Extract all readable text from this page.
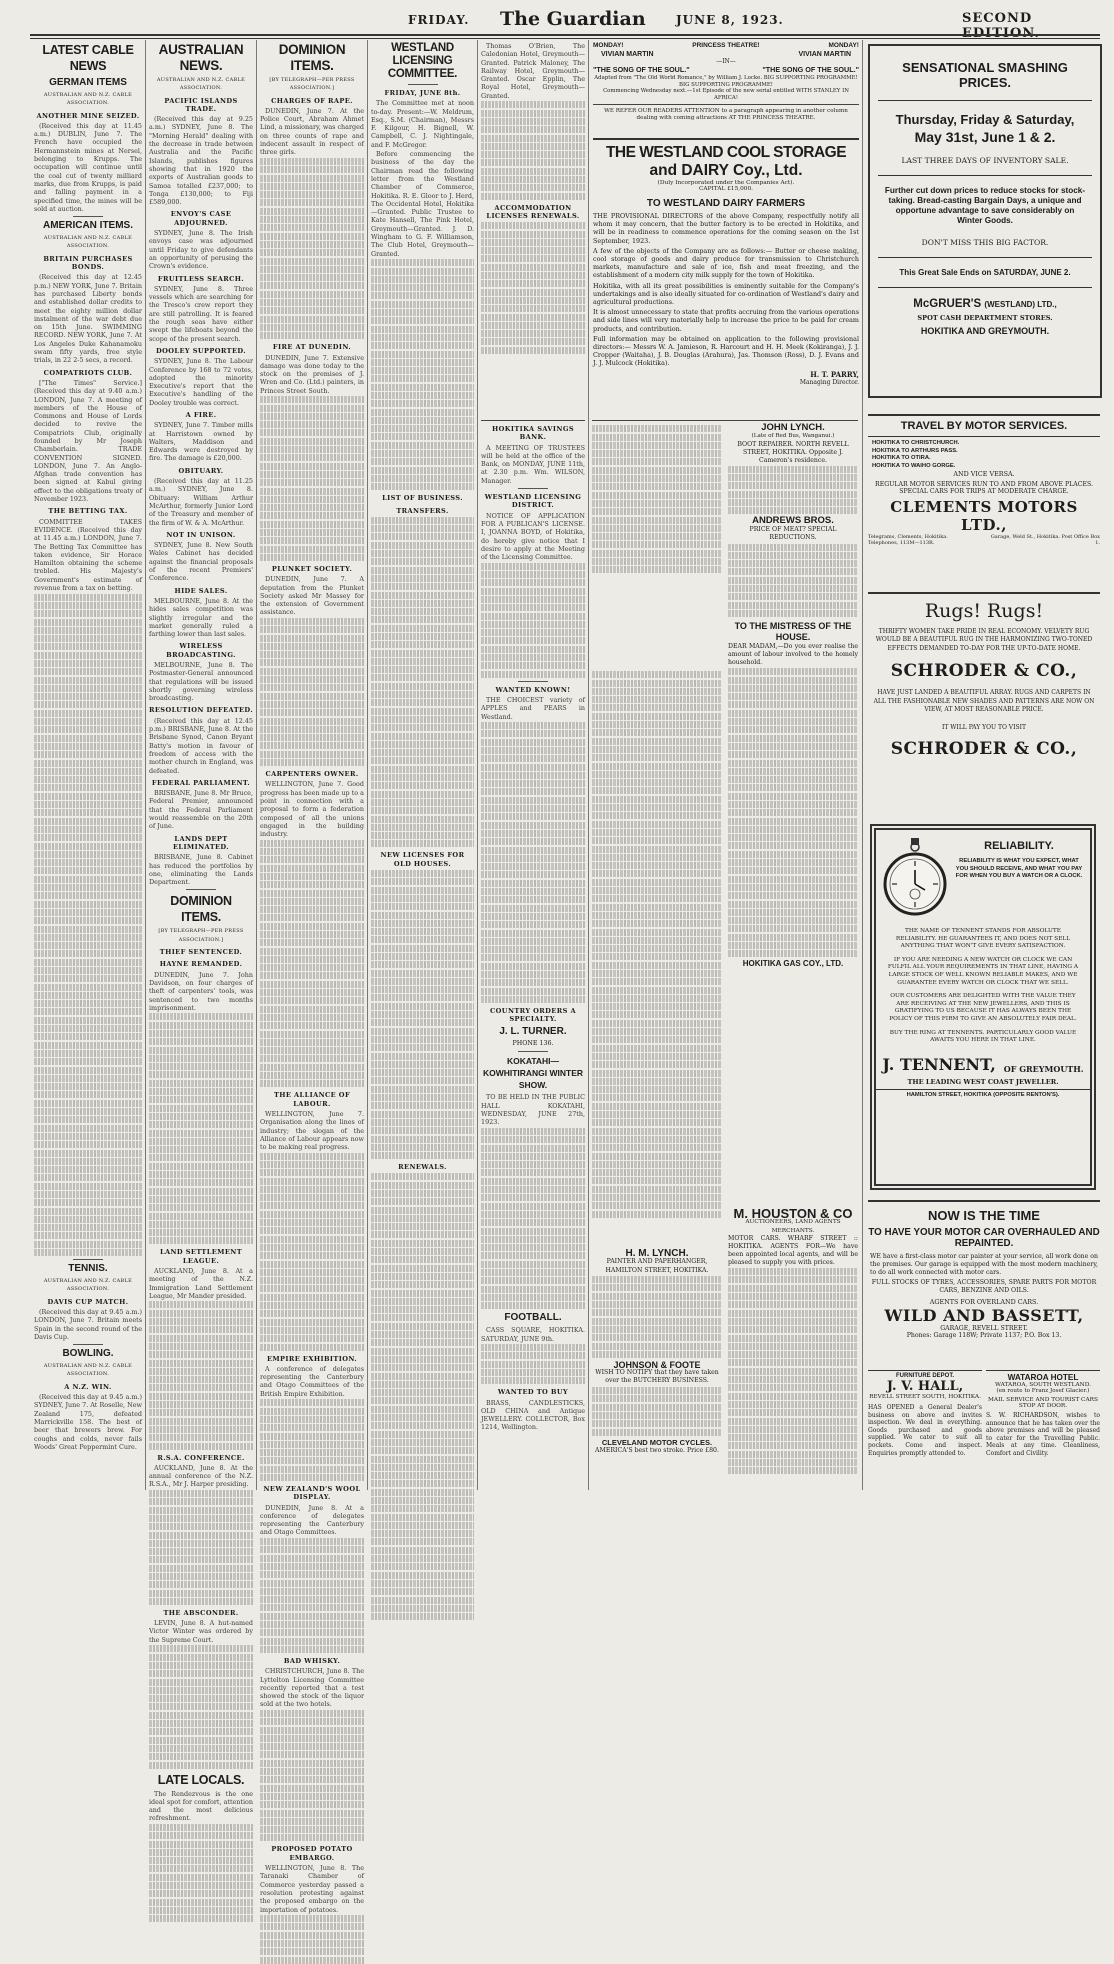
FRIDAY. The Guardian	JUNE 8, 1923.	SECOND EDITION.
LATEST CABLE NEWS
GERMAN ITEMS
AUSTRALIAN AND N.Z. CABLE ASSOCIATION.
ANOTHER MINE SEIZED.

(Received this day at 11.45 a.m.) DUBLIN, June 7. The French have occupied the Hermannstein mines at Nersel, belonging to Krupps. The occupation will continue until the coal cut of twenty milliard marks, due from Krupps, is paid and falling payment in a specified time, the mines will be sold at auction.

AMERICAN ITEMS.
AUSTRALIAN AND N.Z. CABLE ASSOCIATION.
BRITAIN PURCHASES BONDS.

(Received this day at 12.45 p.m.) NEW YORK, June 7. Britain has purchased Liberty bonds and established dollar credits to meet the eighty million dollar instalment of the war debt due on 15th June. SWIMMING RECORD. NEW YORK, June 7. At Los Angeles Duke Kahanamoku swam fifty yards, free style trials, in 22 2-5 secs, a record.

COMPATRIOTS CLUB.

["The Times" Service.] (Received this day at 9.40 a.m.) LONDON, June 7. A meeting of members of the House of Commons and House of Lords decided to revive the Compatriots Club, originally founded by Mr Joseph Chamberlain. TRADE CONVENTION SIGNED. LONDON, June 7. An Anglo-Afghan trade convention has been signed at Kabul giving effect to the obligations treaty of November 1923.

THE BETTING TAX.

COMMITTEE TAKES EVIDENCE. (Received this day at 11.45 a.m.) LONDON, June 7. The Betting Tax Committee has taken evidence, Sir Horace Hamilton obtaining the scheme trebled. His Majesty's Government's estimate of revenue from a tax on betting.

TENNIS.
AUSTRALIAN AND N.Z. CABLE ASSOCIATION.
DAVIS CUP MATCH.

(Received this day at 9.45 a.m.) LONDON, June 7. Britain meets Spain in the second round of the Davis Cup.

BOWLING.
AUSTRALIAN AND N.Z. CABLE ASSOCIATION.
A N.Z. WIN.

(Received this day at 9.45 a.m.) SYDNEY, June 7. At Roselle, New Zealand 175, defeated Marrickville 158. The best of beer that brewers brew. For coughs and colds, never fails Woods' Great Peppermint Cure.

AUSTRALIAN NEWS.
AUSTRALIAN AND N.Z. CABLE ASSOCIATION.
PACIFIC ISLANDS TRADE.

(Received this day at 9.25 a.m.) SYDNEY, June 8. The "Morning Herald" dealing with the decrease in trade between Australia and the Pacific Islands, publishes figures showing that in 1920 the exports of Australian goods to Samoa totalled £237,000; to Tonga £130,000; to Fiji £589,000.

ENVOY'S CASE ADJOURNED.

SYDNEY, June 8. The Irish envoys case was adjourned until Friday to give defendants an opportunity of perusing the Crown's evidence.

FRUITLESS SEARCH.

SYDNEY, June 8. Three vessels which are searching for the Tresco's crew report they are still patrolling. It is feared the rough seas have either swept the lifeboats beyond the scope of the present search.

DOOLEY SUPPORTED.

SYDNEY, June 8. The Labour Conference by 168 to 72 votes, adopted the minority Executive's report that the Executive's handling of the Dooley trouble was correct.

A FIRE.

SYDNEY, June 7. Timber mills at Harristown owned by Walters, Maddison and Edwards were destroyed by fire. The damage is £20,000.

OBITUARY.

(Received this day at 11.25 a.m.) SYDNEY, June 8. Obituary: William Arthur McArthur, formerly Junior Lord of the Treasury and member of the firm of W. & A. McArthur.

NOT IN UNISON.

SYDNEY, June 8. New South Wales Cabinet has decided against the financial proposals of the recent Premiers' Conference.

HIDE SALES.

MELBOURNE, June 8. At the hides sales competition was slightly irregular and the market generally ruled a farthing lower than last sales.

WIRELESS BROADCASTING.

MELBOURNE, June 8. The Postmaster-General announced that regulations will be issued shortly governing wireless broadcasting.

RESOLUTION DEFEATED.

(Received this day at 12.45 p.m.) BRISBANE, June 8. At the Brisbane Synod, Canon Bryant Batty's motion in favour of freedom of access with the mother church in England, was defeated.

FEDERAL PARLIAMENT.

BRISBANE, June 8. Mr Bruce, Federal Premier, announced that the Federal Parliament would reassemble on the 20th of June.

LANDS DEPT ELIMINATED.

BRISBANE, June 8. Cabinet has reduced the portfolios by one, eliminating the Lands Department.

DOMINION ITEMS.
[BY TELEGRAPH—PER PRESS ASSOCIATION.]
THIEF SENTENCED.
HAYNE REMANDED.

DUNEDIN, June 7. John Davidson, on four charges of theft of carpenters' tools, was sentenced to two months imprisonment.

LAND SETTLEMENT LEAGUE.

AUCKLAND, June 8. At a meeting of the N.Z. Immigration Land Settlement League, Mr Mander presided.

R.S.A. CONFERENCE.

AUCKLAND, June 8. At the annual conference of the N.Z. R.S.A., Mr J. Harper presiding.

THE ABSCONDER.

LEVIN, June 8. A hut-named Victor Winter was ordered by the Supreme Court.

LATE LOCALS.

The Rendezvous is the one ideal spot for comfort, attention and the most delicious refreshment.

DOMINION ITEMS.
[BY TELEGRAPH—PER PRESS ASSOCIATION.]
CHARGES OF RAPE.

DUNEDIN, June 7. At the Police Court, Abraham Ahmet Lind, a missionary, was charged on three counts of rape and indecent assault in respect of three girls.

FIRE AT DUNEDIN.

DUNEDIN, June 7. Extensive damage was done today to the stock on the premises of J. Wren and Co. (Ltd.) painters, in Princes Street South.

PLUNKET SOCIETY.

DUNEDIN, June 7. A deputation from the Plunket Society asked Mr Massey for the extension of Government assistance.

CARPENTERS OWNER.

WELLINGTON, June 7. Good progress has been made up to a point in connection with a proposal to form a federation composed of all the unions engaged in the building industry.

THE ALLIANCE OF LABOUR.

WELLINGTON, June 7. Organisation along the lines of industry; the slogan of the Alliance of Labour appears now to be making real progress.

EMPIRE EXHIBITION.

A conference of delegates representing the Canterbury and Otago Committees of the British Empire Exhibition.

NEW ZEALAND'S WOOL DISPLAY.

DUNEDIN, June 8. At a conference of delegates representing the Canterbury and Otago Committees.

BAD WHISKY.

CHRISTCHURCH, June 8. The Lyttelton Licensing Committee recently reported that a test showed the stock of the liquor sold at the two hotels.

PROPOSED POTATO EMBARGO.

WELLINGTON, June 8. The Taranaki Chamber of Commerce yesterday passed a resolution protesting against the proposed embargo on the importation of potatoes.

WESTLAND LICENSING COMMITTEE.
FRIDAY, JUNE 8th.

The Committee met at noon to-day. Present:—W. Meldrum, Esq., S.M. (Chairman), Messrs F. Kilgour, H. Bignell, W. Campbell, C. J. Nightingale, and F. McGregor.

Before commencing the business of the day the Chairman read the following letter from the Westland Chamber of Commerce, Hokitika. R. E. Gloor to J. Herd, The Occidental Hotel, Hokitika—Granted. Public Trustee to Kate Hansell, The Pink Hotel, Greymouth—Granted. J. D. Wingham to G. F. Williamson, The Club Hotel, Greymouth—Granted.

LIST OF BUSINESS.
TRANSFERS.
NEW LICENSES FOR OLD HOUSES.
RENEWALS.

Thomas O'Brien, The Caledonian Hotel, Greymouth—Granted. Patrick Maloney, The Railway Hotel, Greymouth—Granted. Oscar Epplin, The Royal Hotel, Greymouth—Granted.

ACCOMMODATION LICENSES RENEWALS.
MONDAY!	PRINCESS THEATRE!	MONDAY!
VIVIAN MARTIN	VIVIAN MARTIN
—IN—
"THE SONG OF THE SOUL."	"THE SONG OF THE SOUL."
Adapted from "The Old World Romance," by William J. Locke. BIG SUPPORTING PROGRAMME! BIG SUPPORTING PROGRAMME!
Commencing Wednesday next.—1st Episode of the new serial entitled WITH STANLEY IN AFRICA!
WE REFER OUR READERS ATTENTION to a paragraph appearing in another column dealing with coming attractions AT THE PRINCESS THEATRE.
THE WESTLAND COOL STORAGE
and DAIRY Coy., Ltd.
(Duly Incorporated under the Companies Act).
CAPITAL £15,000.
TO WESTLAND DAIRY FARMERS

THE PROVISIONAL DIRECTORS of the above Company, respectfully notify all whom it may concern, that the butter factory is to be erected in Hokitika, and will be in readiness to commence operations for the coming season on the 1st September, 1923.

A few of the objects of the Company are as follows:— Butter or cheese making, cool storage of goods and dairy produce for transmission to Christchurch markets, manufacture and sale of ice, fish and meat freezing, and the establishment of a modern city milk supply for the town of Hokitika.

Hokitika, with all its great possibilities is eminently suitable for the Company's undertakings and is also ideally situated for co-ordination of Westland's dairy and agricultural productions.

It is almost unnecessary to state that profits accruing from the various operations and side lines will very materially help to increase the price to be paid for cream products, and contribution.

Full information may be obtained on application to the following provisional directors:— Messrs W. A. Jamieson, R. Harcourt and H. H. Meek (Kokiranga), J. J. Cropper (Waitaha), J. B. Douglas (Arahura), Jas. Thomson (Ross), D. J. Evans and J. J. Mulcock (Hokitika).

H. T. PARRY,
Managing Director.
HOKITIKA SAVINGS BANK.

A MEETING OF TRUSTEES will be held at the office of the Bank, on MONDAY, JUNE 11th, at 2.30 p.m. Wm. WILSON, Manager.

WESTLAND LICENSING DISTRICT.

NOTICE OF APPLICATION FOR A PUBLICAN'S LICENSE. I, JOANNA BOYD, of Hokitika, do hereby give notice that I desire to apply at the Meeting of the Licensing Committee.

WANTED KNOWN!

THE CHOICEST variety of APPLES and PEARS in Westland.

COUNTRY ORDERS A SPECIALTY.
J. L. TURNER.
PHONE 136.
KOKATAHI—KOWHITIRANGI WINTER SHOW.

TO BE HELD IN THE PUBLIC HALL KOKATAHI, WEDNESDAY, JUNE 27th, 1923.

FOOTBALL.

CASS SQUARE, HOKITIKA. SATURDAY, JUNE 9th.

WANTED TO BUY

BRASS, CANDLESTICKS, OLD CHINA and Antique JEWELLERY. COLLECTOR, Box 1214, Wellington.

JOHN LYNCH.
(Late of Red Bus, Wanganui.)
BOOT REPAIRER. NORTH REVELL STREET, HOKITIKA. Opposite J. Cameron's residence.
ANDREWS BROS.
PRICE OF MEAT? SPECIAL REDUCTIONS.
TO THE MISTRESS OF THE HOUSE.
DEAR MADAM,—Do you ever realise the amount of labour involved to the homely household.
HOKITIKA GAS COY., LTD.
H. M. LYNCH.
PAINTER AND PAPERHANGER, HAMILTON STREET, HOKITIKA.
JOHNSON & FOOTE
WISH TO NOTIFY that they have taken over the BUTCHERY BUSINESS.
CLEVELAND MOTOR CYCLES.
AMERICA'S best two stroke. Price £80.
M. HOUSTON & CO
AUCTIONEERS, LAND AGENTS MERCHANTS.
MOTOR CARS. WHARF STREET :: HOKITIKA. AGENTS FOR—We have been appointed local agents, and will be pleased to supply you with prices.
SENSATIONAL SMASHING
PRICES.
Thursday, Friday & Saturday,
May 31st, June 1 & 2.
LAST THREE DAYS OF INVENTORY SALE.
Further cut down prices to reduce stocks for stock-taking. Bread-casting Bargain Days, a unique and opportune advantage to save considerably on Winter Goods.
DON'T MISS THIS BIG FACTOR.
This Great Sale Ends on SATURDAY, JUNE 2.
McGRUER'S (WESTLAND) LTD.,
SPOT CASH DEPARTMENT STORES.
HOKITIKA AND GREYMOUTH.
TRAVEL BY MOTOR SERVICES.
HOKITIKA TO CHRISTCHURCH.
HOKITIKA TO ARTHURS PASS.
HOKITIKA TO OTIRA.
HOKITIKA TO WAIHO GORGE.
AND VICE VERSA.
REGULAR MOTOR SERVICES RUN TO AND FROM ABOVE PLACES.
SPECIAL CARS FOR TRIPS AT MODERATE CHARGE.
CLEMENTS MOTORS LTD.,
Telegrams, Clements, Hokitika. Telephones, 113M—113R.
Garage, Weld St., Hokitika. Post Office Box 1.
Rugs! Rugs!
THRIFTY WOMEN TAKE PRIDE IN REAL ECONOMY. VELVETY RUG WOULD BE A BEAUTIFUL RUG IN THE HARMONIZING TWO-TONED EFFECTS DEMANDED TO-DAY FOR THE UP-TO-DATE HOME.
SCHRODER & CO.,
HAVE JUST LANDED A BEAUTIFUL ARRAY. RUGS AND CARPETS IN ALL THE FASHIONABLE NEW SHADES AND PATTERNS ARE NOW ON VIEW, AT MOST REASONABLE PRICE.
IT WILL PAY YOU TO VISIT
SCHRODER & CO.,
RELIABILITY.
RELIABILITY IS WHAT YOU EXPECT, WHAT YOU SHOULD RECEIVE, AND WHAT YOU PAY FOR WHEN YOU BUY A WATCH OR A CLOCK.
THE NAME OF TENNENT STANDS FOR ABSOLUTE RELIABILITY. HE GUARANTEES IT, AND DOES NOT SELL ANYTHING THAT WON'T GIVE EVERY SATISFACTION.
IF YOU ARE NEEDING A NEW WATCH OR CLOCK WE CAN FULFIL ALL YOUR REQUIREMENTS IN THAT LINE, HAVING A LARGE STOCK OF WELL KNOWN RELIABLE MAKES, AND WE GUARANTEE EVERY WATCH OR CLOCK THAT WE SELL.
OUR CUSTOMERS ARE DELIGHTED WITH THE VALUE THEY ARE RECEIVING AT THE NEW JEWELLERS, AND THIS IS GRATIFYING TO US BECAUSE IT HAS ALWAYS BEEN THE POLICY OF THIS FIRM TO GIVE AN ABSOLUTELY FAIR DEAL.
BUY THE RING AT TENNENTS. PARTICULARLY GOOD VALUE AWAITS YOU HERE IN THAT LINE.
J. TENNENT, OF GREYMOUTH.
THE LEADING WEST COAST JEWELLER.
HAMILTON STREET, HOKITIKA (OPPOSITE RENTON'S).
NOW IS THE TIME
TO HAVE YOUR MOTOR CAR OVERHAULED AND REPAINTED.
WE have a first-class motor car painter at your service, all work done on the premises. Our garage is equipped with the most modern machinery, to do all work connected with motor cars.
FULL STOCKS OF TYRES, ACCESSORIES, SPARE PARTS FOR MOTOR CARS, BENZINE AND OILS.
AGENTS FOR OVERLAND CARS.
WILD AND BASSETT,
GARAGE, REVELL STREET.
Phones: Garage 118W; Private 1137; P.O. Box 13.
FURNITURE DEPOT.
J. V. HALL,
REVELL STREET SOUTH, HOKITIKA.
HAS OPENED a General Dealer's business on above and invites inspection. We deal in everything. Goods purchased and goods supplied. We cater to suit all pockets. Come and inspect. Enquiries promptly attended to.
WATAROA HOTEL
WATAROA, SOUTH WESTLAND.
(en route to Franz Josef Glacier.)
MAIL SERVICE AND TOURIST CARS STOP AT DOOR.
S. W. RICHARDSON, wishes to announce that he has taken over the above premises and will be pleased to cater for the Travelling Public. Meals at any time. Cleanliness, Comfort and Civility.
